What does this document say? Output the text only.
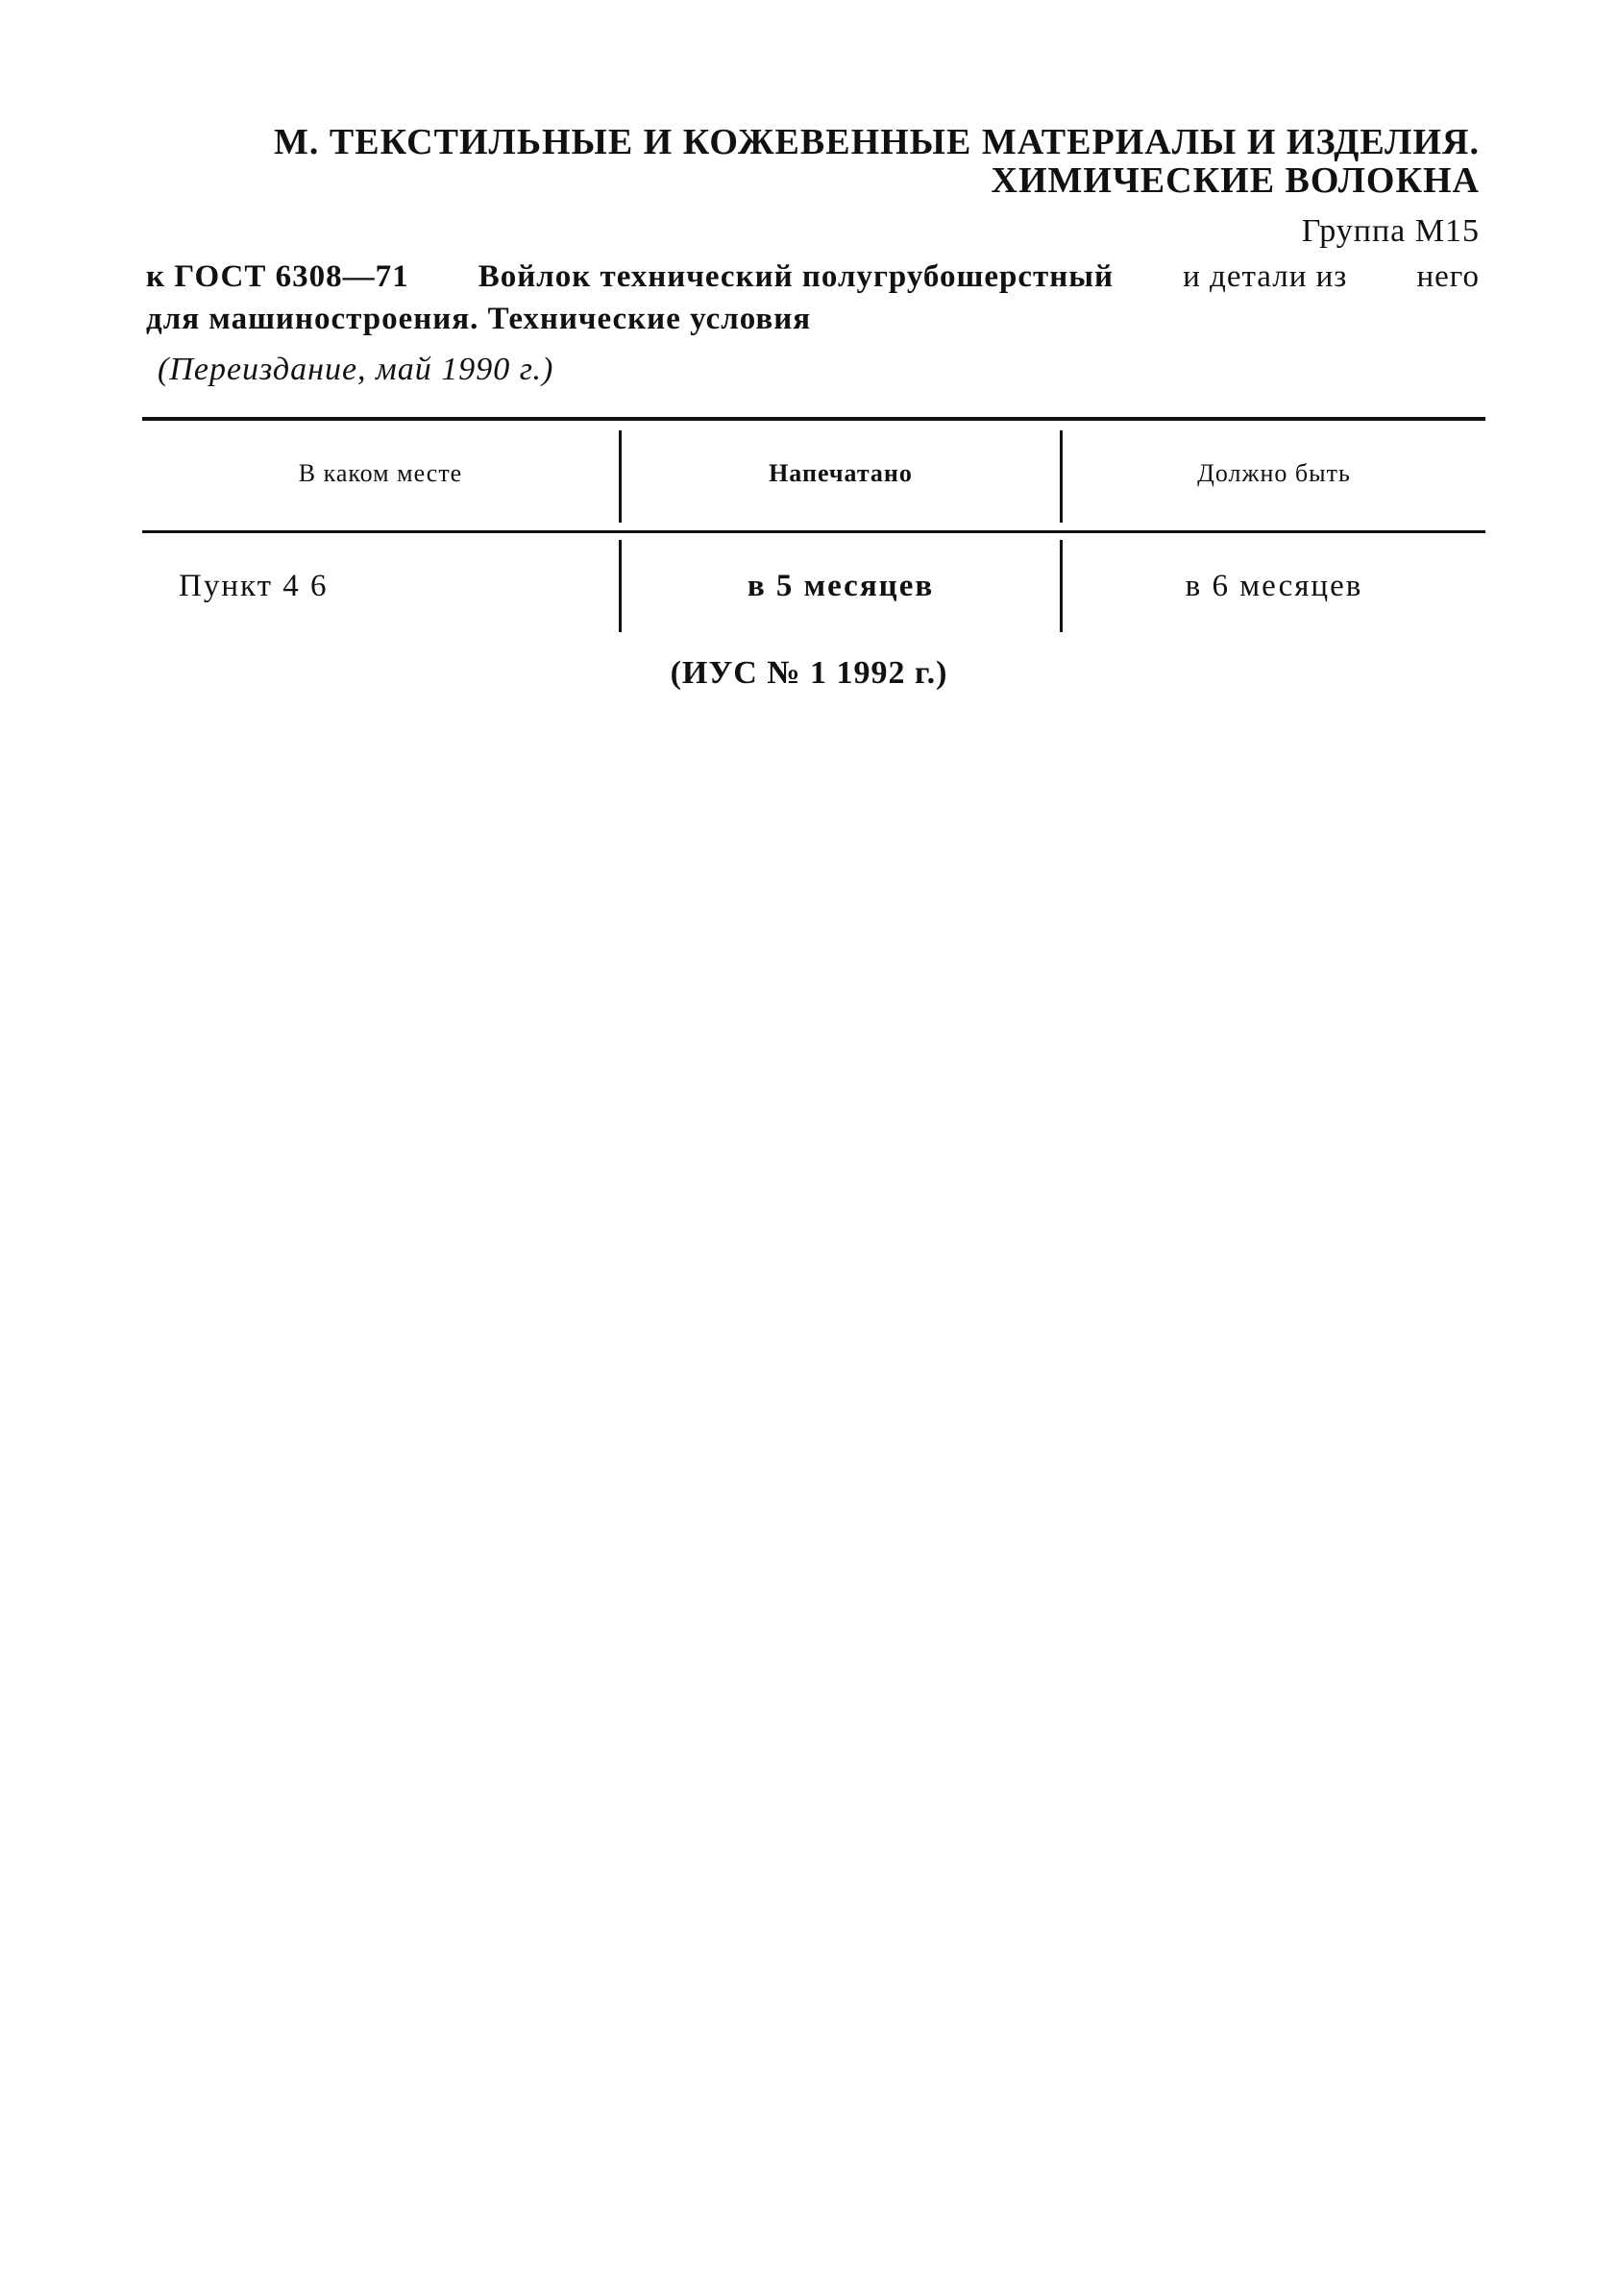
М. ТЕКСТИЛЬНЫЕ И КОЖЕВЕННЫЕ МАТЕРИАЛЫ И ИЗДЕЛИЯ.
ХИМИЧЕСКИЕ ВОЛОКНА
Группа М15
к ГОСТ 6308—71 Войлок технический полугрубошерстный и детали из него
для машиностроения. Технические условия
(Переиздание, май 1990 г.)
В каком месте	Напечатано	Должно быть
Пункт 4 6	в 5 месяцев	в 6 месяцев
(ИУС № 1 1992 г.)
